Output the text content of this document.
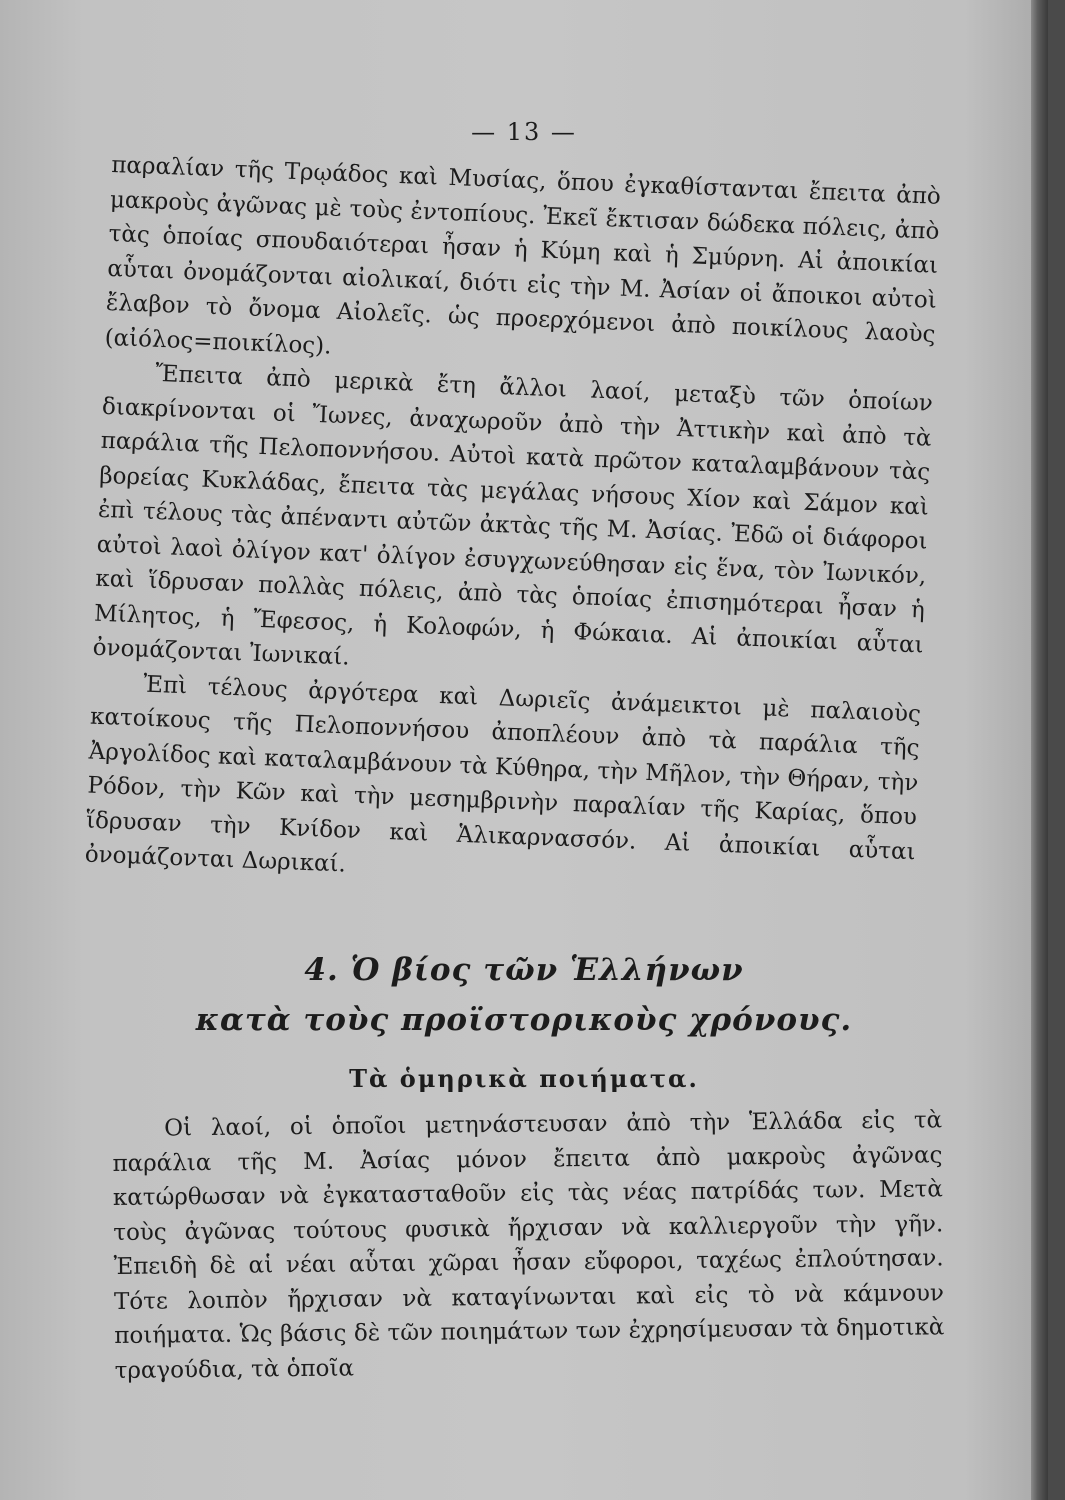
— 13 —

παραλίαν τῆς Τρῳάδος καὶ Μυσίας, ὅπου ἐγκαθίστανται ἔπειτα ἀπὸ μακροὺς ἀγῶνας μὲ τοὺς ἐντοπίους. Ἐκεῖ ἔκτισαν δώδεκα πόλεις, ἀπὸ τὰς ὁποίας σπουδαιότεραι ἦσαν ἡ Κύμη καὶ ἡ Σμύρνη. Αἱ ἀποικίαι αὗται ὀνομάζονται αἰολικαί, διότι εἰς τὴν Μ. Ἀσίαν οἱ ἄποικοι αὐτοὶ ἔλαβον τὸ ὄνομα Αἰολεῖς. ὡς προερχόμενοι ἀπὸ ποικίλους λαοὺς (αἰόλος=ποικίλος).

Ἔπειτα ἀπὸ μερικὰ ἔτη ἄλλοι λαοί, μεταξὺ τῶν ὁποίων διακρίνονται οἱ Ἴωνες, ἀναχωροῦν ἀπὸ τὴν Ἀττικὴν καὶ ἀπὸ τὰ παράλια τῆς Πελοποννήσου. Αὐτοὶ κατὰ πρῶτον καταλαμβάνουν τὰς βορείας Κυκλάδας, ἔπειτα τὰς μεγάλας νήσους Χίον καὶ Σάμον καὶ ἐπὶ τέλους τὰς ἀπέναντι αὐτῶν ἀκτὰς τῆς Μ. Ἀσίας. Ἐδῶ οἱ διάφοροι αὐτοὶ λαοὶ ὀλίγον κατ' ὀλίγον ἐσυγχωνεύθησαν εἰς ἕνα, τὸν Ἰωνικόν, καὶ ἵδρυσαν πολλὰς πόλεις, ἀπὸ τὰς ὁποίας ἐπισημότεραι ἦσαν ἡ Μίλητος, ἡ Ἔφεσος, ἡ Κολοφών, ἡ Φώκαια. Αἱ ἀποικίαι αὗται ὀνομάζονται Ἰωνικαί.

Ἐπὶ τέλους ἀργότερα καὶ Δωριεῖς ἀνάμεικτοι μὲ παλαιοὺς κατοίκους τῆς Πελοποννήσου ἀποπλέουν ἀπὸ τὰ παράλια τῆς Ἀργολίδος καὶ καταλαμβάνουν τὰ Κύθηρα, τὴν Μῆλον, τὴν Θήραν, τὴν Ρόδον, τὴν Κῶν καὶ τὴν μεσημβρινὴν παραλίαν τῆς Καρίας, ὅπου ἵδρυσαν τὴν Κνίδον καὶ Ἁλικαρνασσόν. Αἱ ἀποικίαι αὗται ὀνομάζονται Δωρικαί.

4. Ὁ βίος τῶν Ἑλλήνων
κατὰ τοὺς προϊστορικοὺς χρόνους.
Τὰ ὁμηρικὰ ποιήματα.

Οἱ λαοί, οἱ ὁποῖοι μετηνάστευσαν ἀπὸ τὴν Ἑλλάδα εἰς τὰ παράλια τῆς Μ. Ἀσίας μόνον ἔπειτα ἀπὸ μακροὺς ἀγῶνας κατώρθωσαν νὰ ἐγκατασταθοῦν εἰς τὰς νέας πατρίδάς των. Μετὰ τοὺς ἀγῶνας τούτους φυσικὰ ἤρχισαν νὰ καλλιεργοῦν τὴν γῆν. Ἐπειδὴ δὲ αἱ νέαι αὗται χῶραι ἦσαν εὔφοροι, ταχέως ἐπλούτησαν. Τότε λοιπὸν ἤρχισαν νὰ καταγίνωνται καὶ εἰς τὸ νὰ κάμνουν ποιήματα. Ὡς βάσις δὲ τῶν ποιημάτων των ἐχρησίμευσαν τὰ δημοτικὰ τραγούδια, τὰ ὁποῖα
